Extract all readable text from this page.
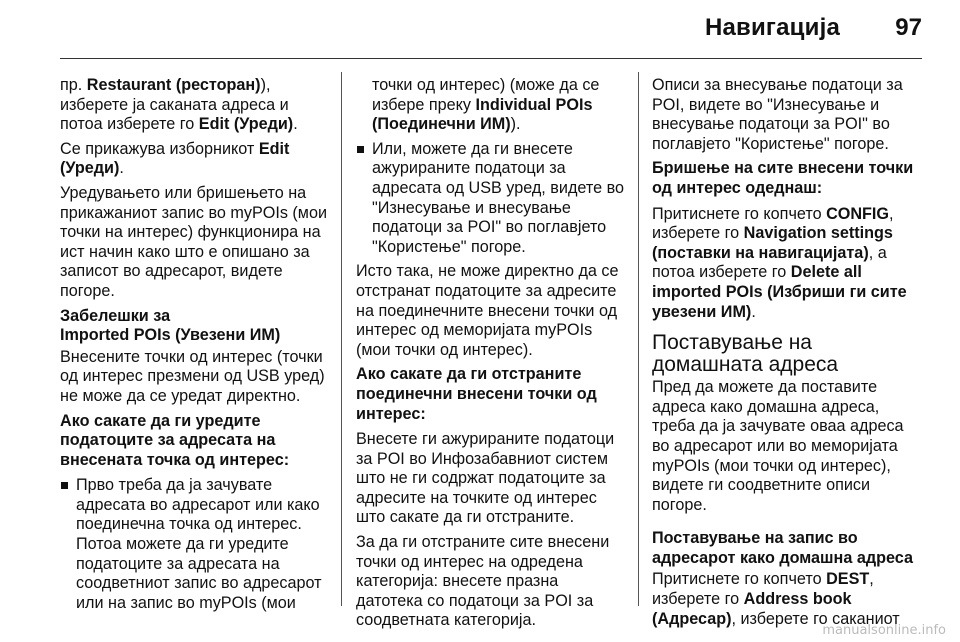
Навигација 97

пр. Restaurant (ресторан)), изберете ја саканата адреса и потоа изберете го Edit (Уреди).

Се прикажува изборникот Edit (Уреди).

Уредувањето или бришењето на прикажаниот запис во myPOIs (мои точки на интерес) функционира на ист начин како што е опишано за записот во адресарот, видете погоре.

Забелешки за
Imported POIs (Увезени ИМ)

Внесените точки од интерес (точки од интерес презмени од USB уред) не може да се уредат директно.

Ако сакате да ги уредите податоците за адресата на внесената точка од интерес:
Прво треба да ја зачувате адресата во адресарот или како поединечна точка од интерес. Потоа можете да ги уредите податоците за адресата на соодветниот запис во адресарот или на запис во myPOIs (мои

точки од интерес) (може да се избере преку Individual POIs (Поединечни ИМ)).

Или, можете да ги внесете ажурираните податоци за адресата од USB уред, видете во "Изнесување и внесување податоци за POI" во поглавјето "Користење" погоре.

Исто така, не може директно да се отстранат податоците за адресите на поединечните внесени точки од интерес од меморијата myPOIs (мои точки од интерес).

Ако сакате да ги отстраните поединечни внесени точки од интерес:

Внесете ги ажурираните податоци за POI во Инфозабавниот систем што не ги содржат податоците за адресите на точките од интерес што сакате да ги отстраните.

За да ги отстраните сите внесени точки од интерес на одредена категорија: внесете празна датотека со податоци за POI за соодветната категорија.

Описи за внесување податоци за POI, видете во "Изнесување и внесување податоци за POI" во поглавјето "Користење" погоре.

Бришење на сите внесени точки од интерес одеднаш:

Притиснете го копчето CONFIG, изберете го Navigation settings (поставки на навигацијата), а потоа изберете го Delete all imported POIs (Избриши ги сите увезени ИМ).

Поставување на домашната адреса

Пред да можете да поставите адреса како домашна адреса, треба да ја зачувате оваа адреса во адресарот или во меморијата myPOIs (мои точки од интерес), видете ги соодветните описи погоре.

Поставување на запис во адресарот како домашна адреса

Притиснете го копчето DEST, изберете го Address book (Адресар), изберете го саканиот

manualsonline.info
